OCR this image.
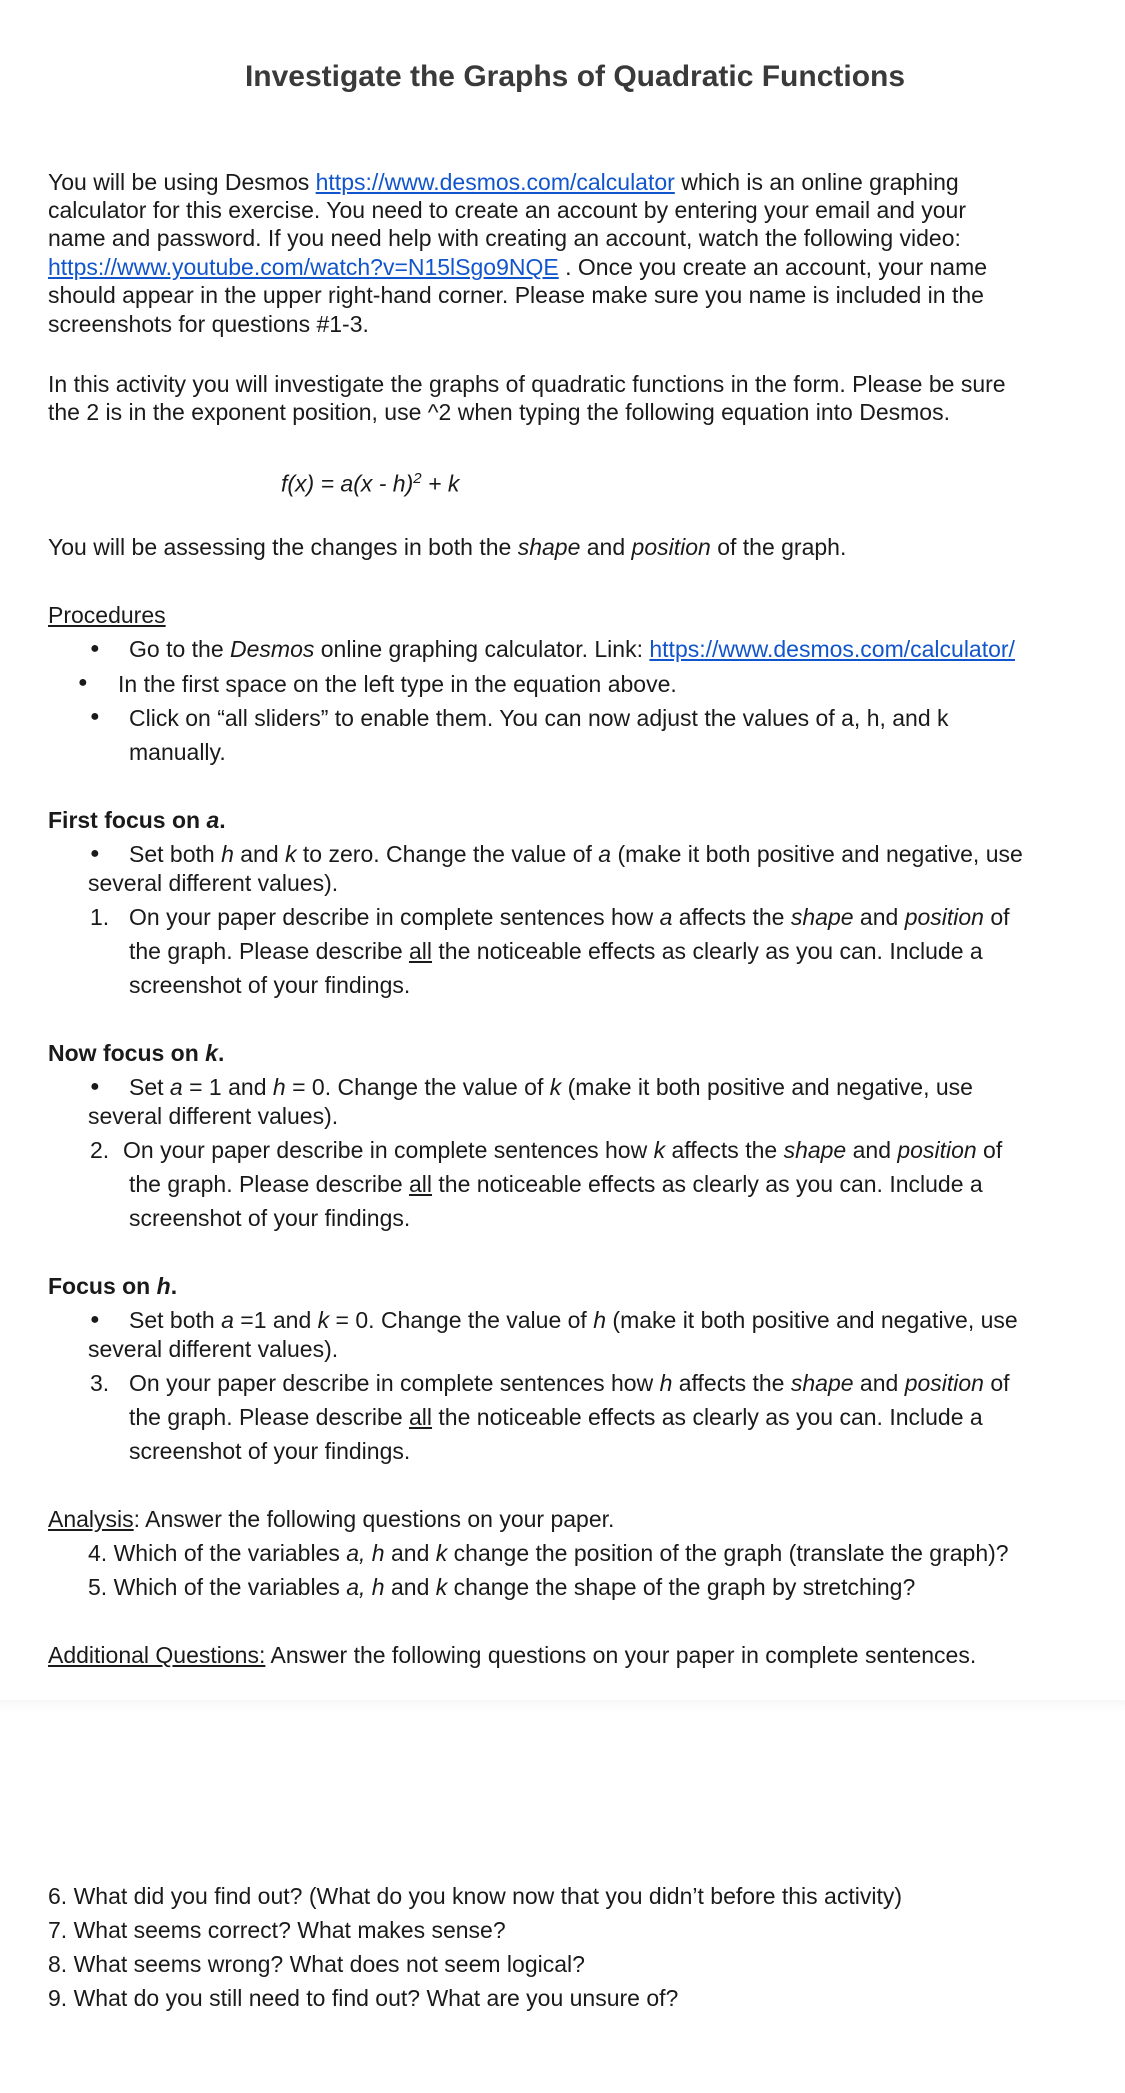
Investigate the Graphs of Quadratic Functions
You will be using Desmos https://www.desmos.com/calculator which is an online graphing
calculator for this exercise. You need to create an account by entering your email and your
name and password. If you need help with creating an account, watch the following video:
https://www.youtube.com/watch?v=N15lSgo9NQE . Once you create an account, your name
should appear in the upper right-hand corner. Please make sure you name is included in the
screenshots for questions #1-3.
In this activity you will investigate the graphs of quadratic functions in the form. Please be sure
the 2 is in the exponent position, use ^2 when typing the following equation into Desmos.
f(x) = a(x - h)$^2$ + k
You will be assessing the changes in both the shape and position of the graph.
Procedures
● Go to the Desmos online graphing calculator. Link: https://www.desmos.com/calculator/
● In the first space on the left type in the equation above.
● Click on “all sliders” to enable them. You can now adjust the values of a, h, and k
manually.
First focus on a.
● Set both h and k to zero. Change the value of a (make it both positive and negative, use
several different values).
1. On your paper describe in complete sentences how a affects the shape and position of
the graph. Please describe all the noticeable effects as clearly as you can. Include a
screenshot of your findings.
Now focus on k.
● Set a = 1 and h = 0. Change the value of k (make it both positive and negative, use
several different values).
2. On your paper describe in complete sentences how k affects the shape and position of
the graph. Please describe all the noticeable effects as clearly as you can. Include a
screenshot of your findings.
Focus on h.
● Set both a =1 and k = 0. Change the value of h (make it both positive and negative, use
several different values).
3. On your paper describe in complete sentences how h affects the shape and position of
the graph. Please describe all the noticeable effects as clearly as you can. Include a
screenshot of your findings.
Analysis: Answer the following questions on your paper.
4. Which of the variables a, h and k change the position of the graph (translate the graph)?
5. Which of the variables a, h and k change the shape of the graph by stretching?
Additional Questions: Answer the following questions on your paper in complete sentences.
6. What did you find out? (What do you know now that you didn’t before this activity)
7. What seems correct? What makes sense?
8. What seems wrong? What does not seem logical?
9. What do you still need to find out? What are you unsure of?
